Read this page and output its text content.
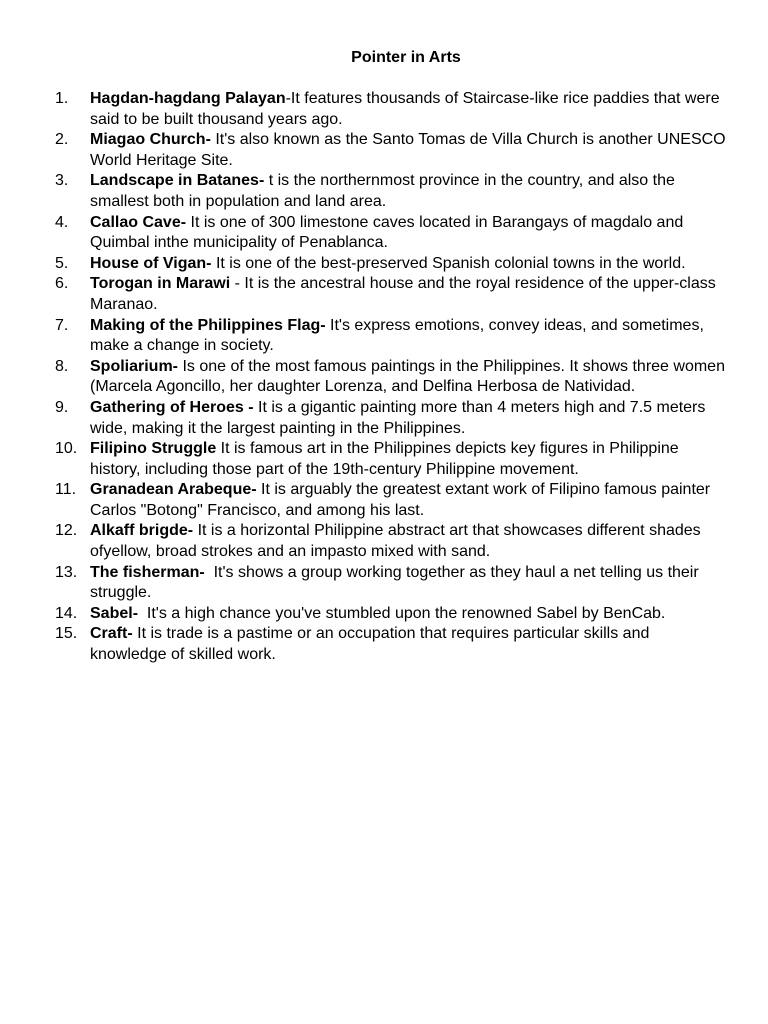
Pointer in Arts
1.	Hagdan-hagdang Palayan-It features thousands of Staircase-like rice paddies that were said to be built thousand years ago.
2.	Miagao Church- It's also known as the Santo Tomas de Villa Church is another UNESCO World Heritage Site.
3.	Landscape in Batanes- t is the northernmost province in the country, and also the smallest both in population and land area.
4.	Callao Cave- It is one of 300 limestone caves located in Barangays of magdalo and Quimbal inthe municipality of Penablanca.
5.	House of Vigan- It is one of the best-preserved Spanish colonial towns in the world.
6.	Torogan in Marawi - It is the ancestral house and the royal residence of the upper-class Maranao.
7.	Making of the Philippines Flag- It's express emotions, convey ideas, and sometimes, make a change in society.
8.	Spoliarium- Is one of the most famous paintings in the Philippines. It shows three women (Marcela Agoncillo, her daughter Lorenza, and Delfina Herbosa de Natividad.
9.	Gathering of Heroes - It is a gigantic painting more than 4 meters high and 7.5 meters wide, making it the largest painting in the Philippines.
10. Filipino Struggle It is famous art in the Philippines depicts key figures in Philippine history, including those part of the 19th-century Philippine movement.
11. Granadean Arabeque- It is arguably the greatest extant work of Filipino famous painter Carlos "Botong" Francisco, and among his last.
12. Alkaff brigde- It is a horizontal Philippine abstract art that showcases different shades ofyellow, broad strokes and an impasto mixed with sand.
13. The fisherman-  It's shows a group working together as they haul a net telling us their struggle.
14. Sabel-  It's a high chance you've stumbled upon the renowned Sabel by BenCab.
15. Craft- It is trade is a pastime or an occupation that requires particular skills and knowledge of skilled work.
